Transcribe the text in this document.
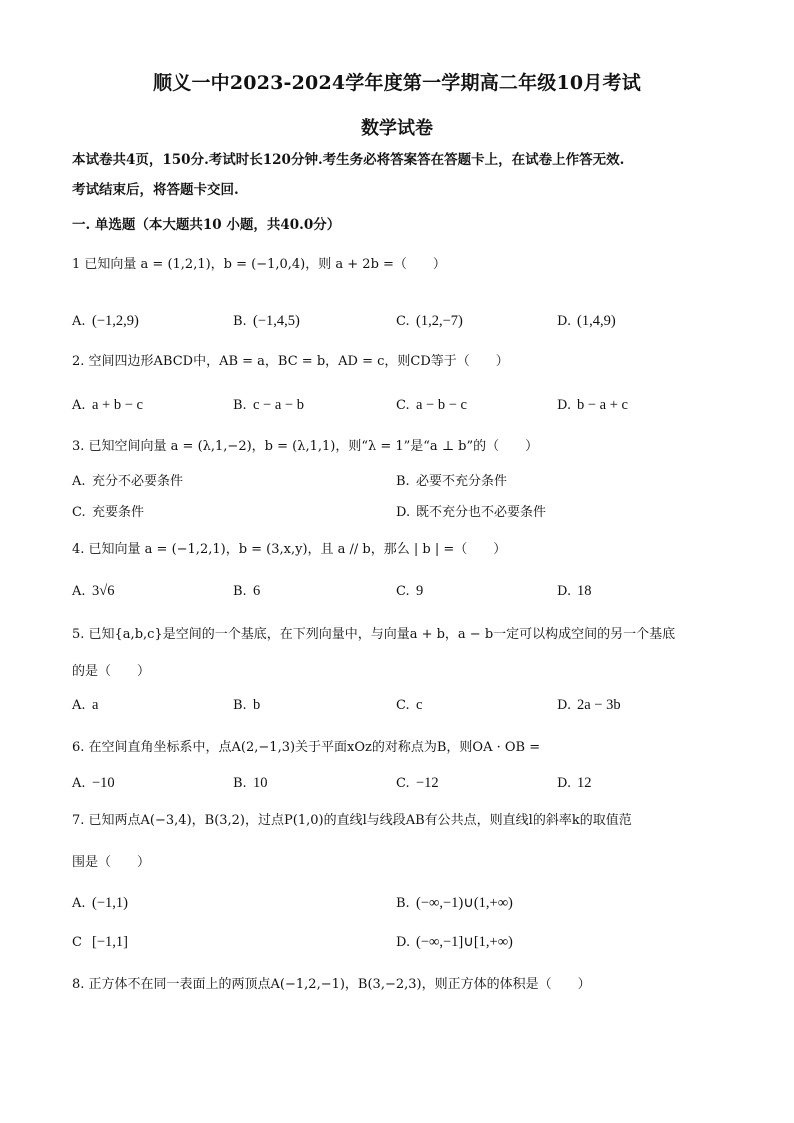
顺义一中2023-2024学年度第一学期高二年级10月考试
数学试卷
本试卷共4页，150分.考试时长120分钟.考生务必将答案答在答题卡上，在试卷上作答无效.
考试结束后，将答题卡交回.
一. 单选题（本大题共10 小题，共40.0分）
1 已知向量 a = (1,2,1)，b = (−1,0,4)，则 a + 2b =（　　）
A. (−1,2,9)	B. (−1,4,5)	C. (1,2,−7)	D. (1,4,9)
2. 空间四边形ABCD中，AB = a，BC = b，AD = c，则CD等于（　　）
A. a + b − c	B. c − a − b	C. a − b − c	D. b − a + c
3. 已知空间向量 a = (λ,1,−2)，b = (λ,1,1)，则“λ = 1”是“a ⊥ b”的（　　）
A. 充分不必要条件	B. 必要不充分条件
C. 充要条件	D. 既不充分也不必要条件
4. 已知向量 a = (−1,2,1)，b = (3,x,y)，且 a // b，那么 | b | =（　　）
A. 3√6	B. 6	C. 9	D. 18
5. 已知{a,b,c}是空间的一个基底，在下列向量中，与向量a + b，a − b一定可以构成空间的另一个基底
的是（　　）
A. a	B. b	C. c	D. 2a − 3b
6. 在空间直角坐标系中，点A(2,−1,3)关于平面xOz的对称点为B，则OA · OB =
A. −10	B. 10	C. −12	D. 12
7. 已知两点A(−3,4)，B(3,2)，过点P(1,0)的直线l与线段AB有公共点，则直线l的斜率k的取值范
围是（　　）
A. (−1,1)	B. (−∞,−1)∪(1,+∞)
C [−1,1]	D. (−∞,−1]∪[1,+∞)
8. 正方体不在同一表面上的两顶点A(−1,2,−1)，B(3,−2,3)，则正方体的体积是（　　）
